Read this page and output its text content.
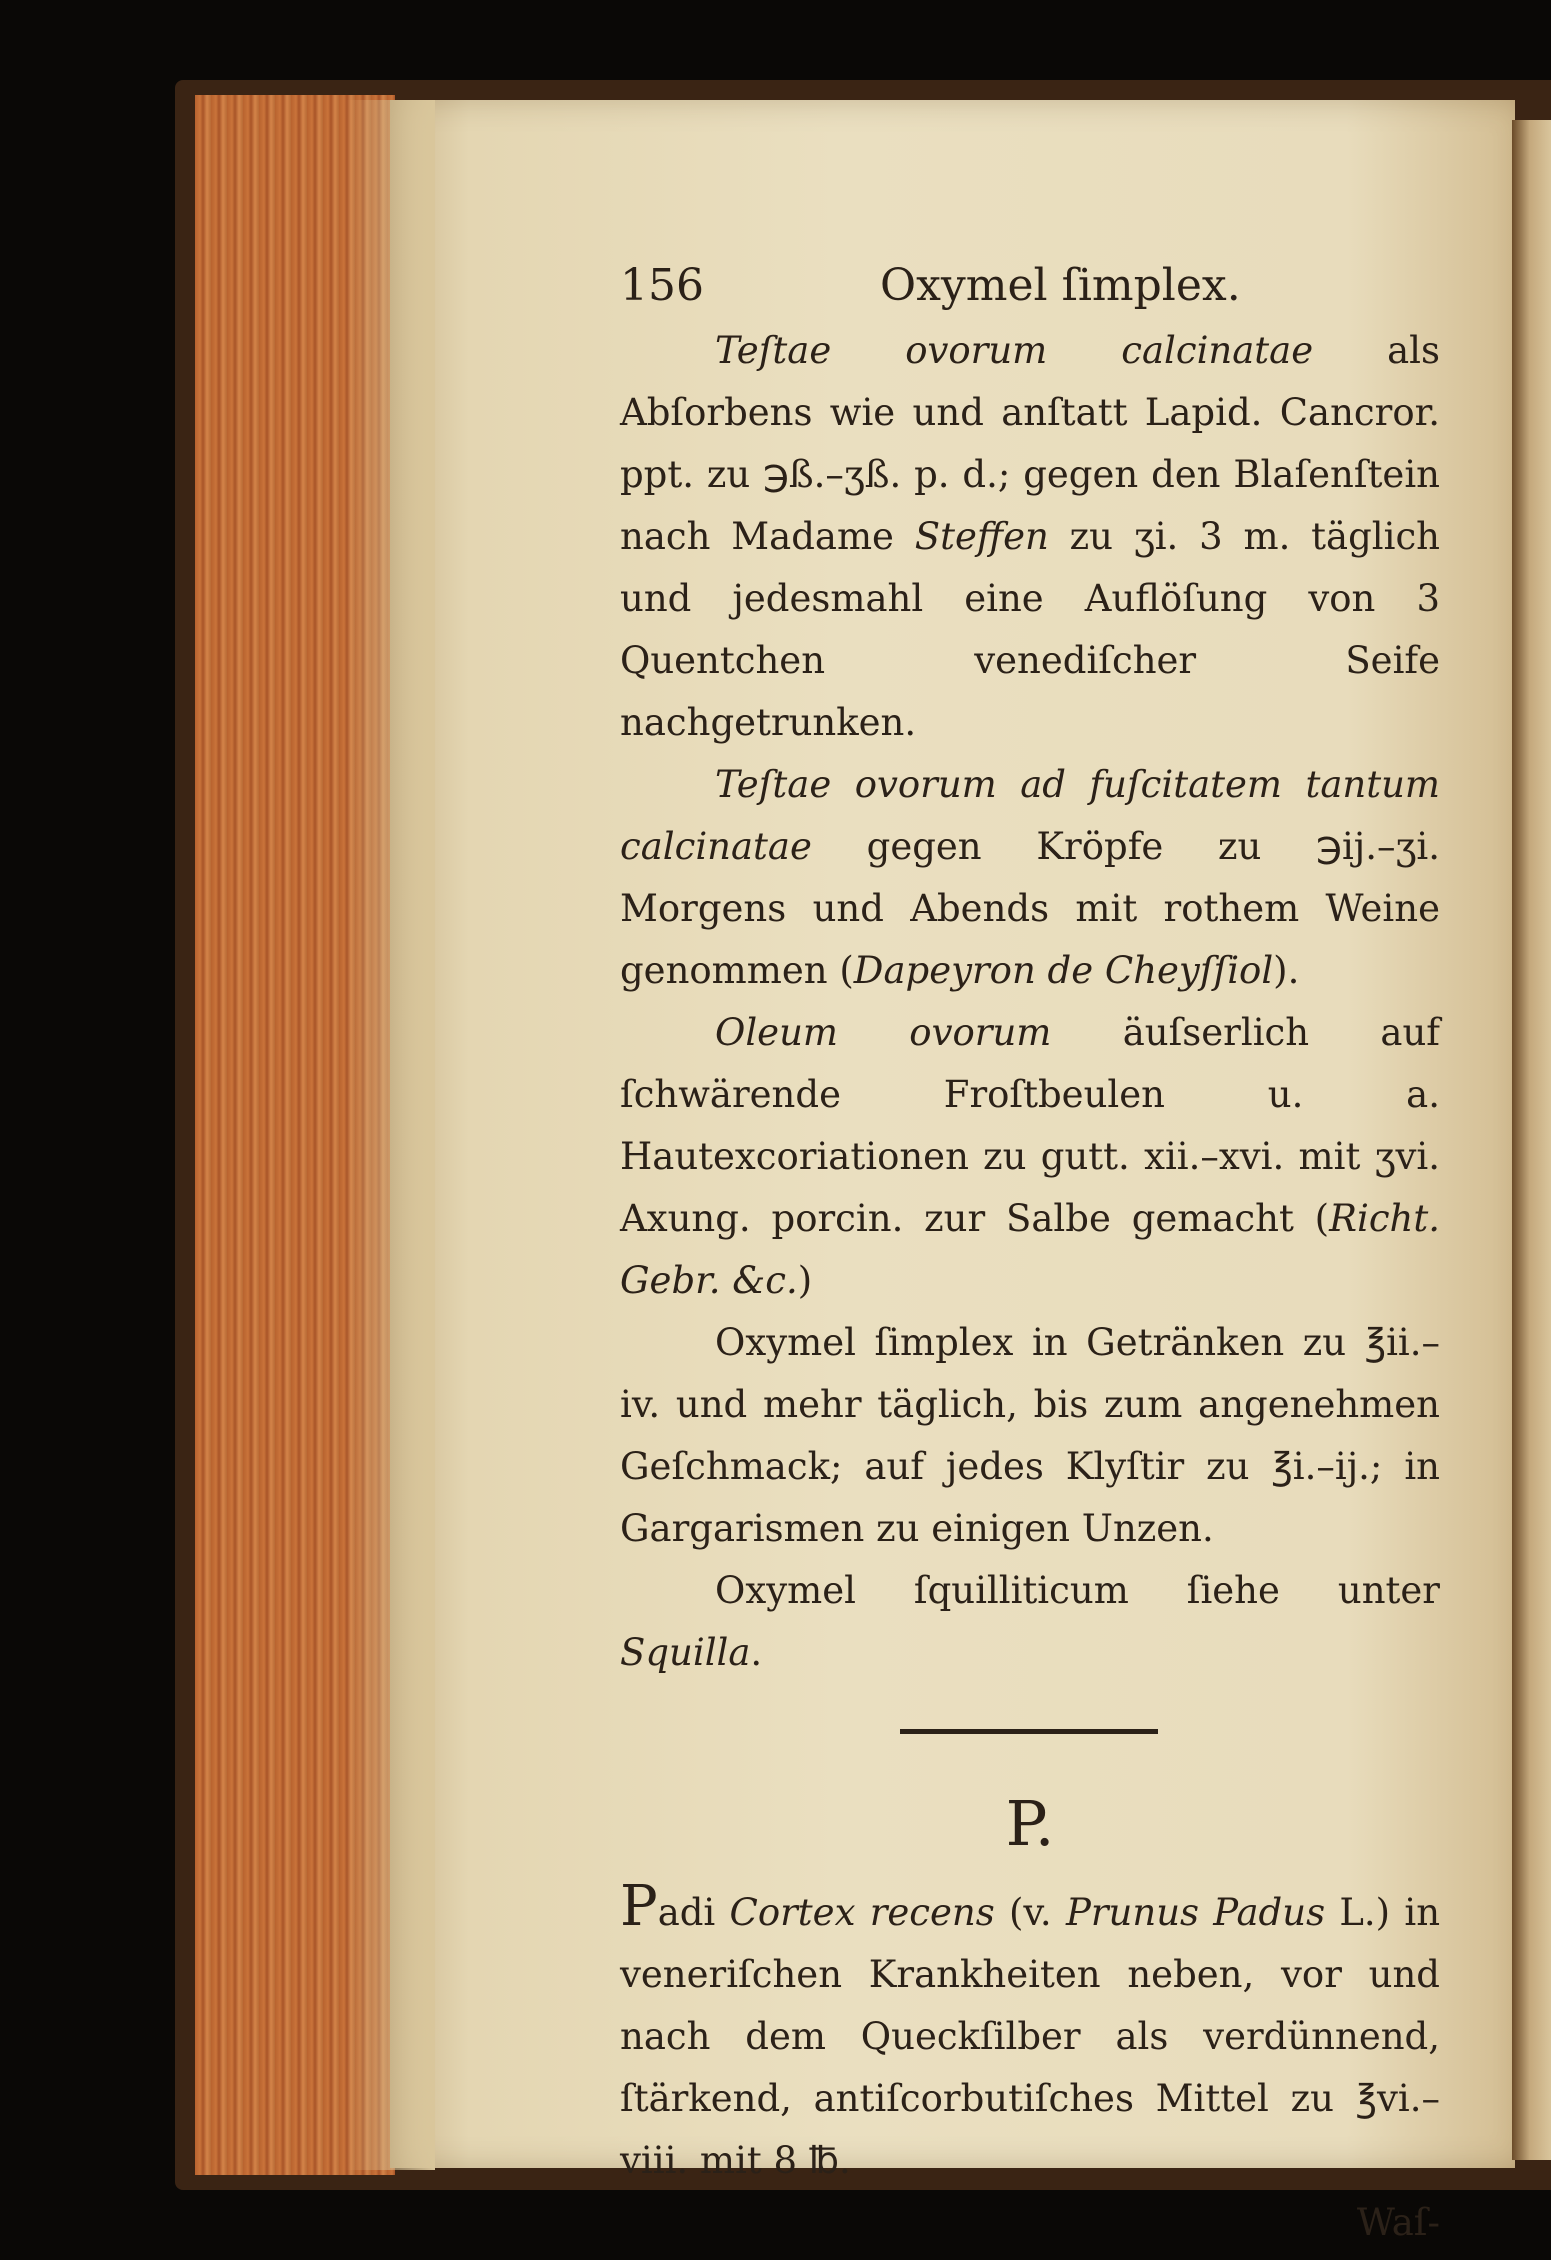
156	Oxymel ſimplex.

Teſtae ovorum calcinatae als Abſorbens wie und anſtatt Lapid. Cancror. ppt. zu ℈ß.–ʒß. p. d.; gegen den Blaſenſtein nach Madame Steffen zu ʒi. 3 m. täglich und jedesmahl eine Auflöſung von 3 Quentchen venediſcher Seife nachgetrunken.

Teſtae ovorum ad fuſcitatem tantum calcinatae gegen Kröpfe zu ℈ij.–ʒi. Morgens und Abends mit rothem Weine genommen (Dapeyron de Cheyſſiol).

Oleum ovorum äuſserlich auf ſchwärende Froſtbeulen u. a. Hautexcoriationen zu gutt. xii.–xvi. mit ʒvi. Axung. porcin. zur Salbe gemacht (Richt. Gebr. &c.)

Oxymel ſimplex in Getränken zu ℥ii.–iv. und mehr täglich, bis zum angenehmen Geſchmack; auf jedes Klyſtir zu ℥i.–ij.; in Gargarismen zu einigen Unzen.

Oxymel ſquilliticum ſiehe unter Squilla.

P.

Padi Cortex recens (v. Prunus Padus L.) in veneriſchen Krankheiten neben, vor und nach dem Queckſilber als verdünnend, ſtärkend, antiſcorbutiſches Mittel zu ℥vi.–viii. mit 8 ℔.

Waſ-
